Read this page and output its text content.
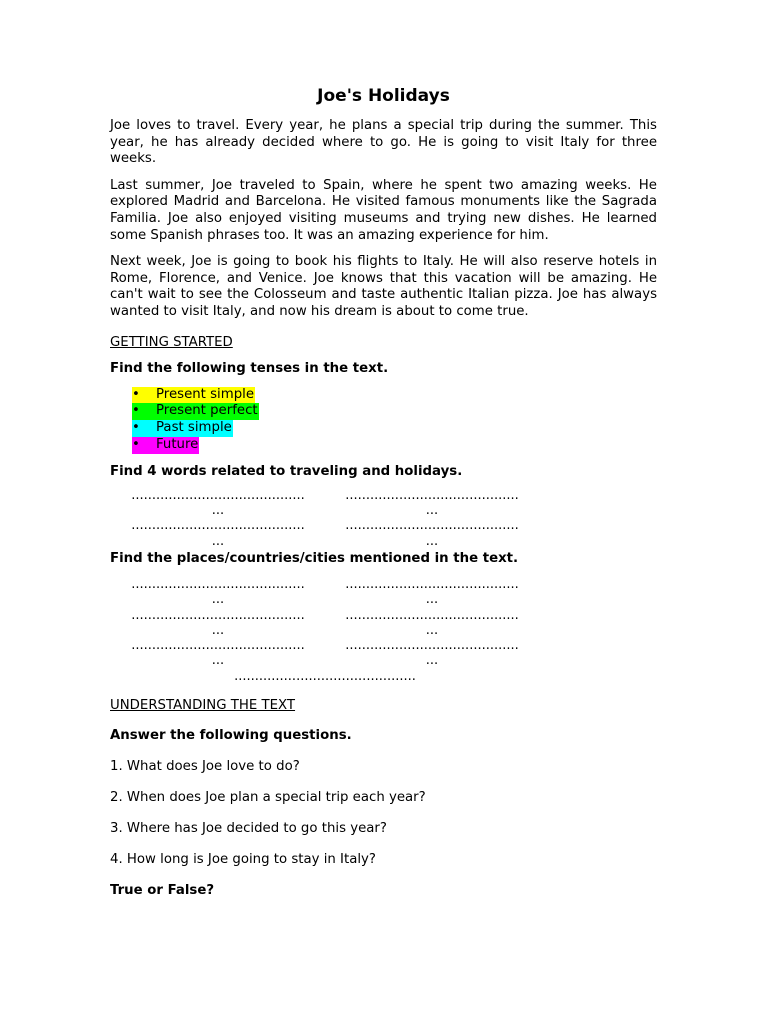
Joe's Holidays

Joe loves to travel. Every year, he plans a special trip during the summer. This year, he has already decided where to go. He is going to visit Italy for three weeks.

Last summer, Joe traveled to Spain, where he spent two amazing weeks. He explored Madrid and Barcelona. He visited famous monuments like the Sagrada Familia. Joe also enjoyed visiting museums and trying new dishes. He learned some Spanish phrases too. It was an amazing experience for him.

Next week, Joe is going to book his flights to Italy. He will also reserve hotels in Rome, Florence, and Venice. Joe knows that this vacation will be amazing. He can't wait to see the Colosseum and taste authentic Italian pizza. Joe has always wanted to visit Italy, and now his dream is about to come true.

GETTING STARTED
Find the following tenses in the text.
• Present simple
• Present perfect
• Past simple
• Future
Find 4 words related to traveling and holidays.
..........................................
...
..........................................
...
..........................................
...
..........................................
...
Find the places/countries/cities mentioned in the text.
..........................................
...
..........................................
...
..........................................
...
..........................................
...
..........................................
...
..........................................
...
............................................
UNDERSTANDING THE TEXT
Answer the following questions.
1. What does Joe love to do?
2. When does Joe plan a special trip each year?
3. Where has Joe decided to go this year?
4. How long is Joe going to stay in Italy?
True or False?
